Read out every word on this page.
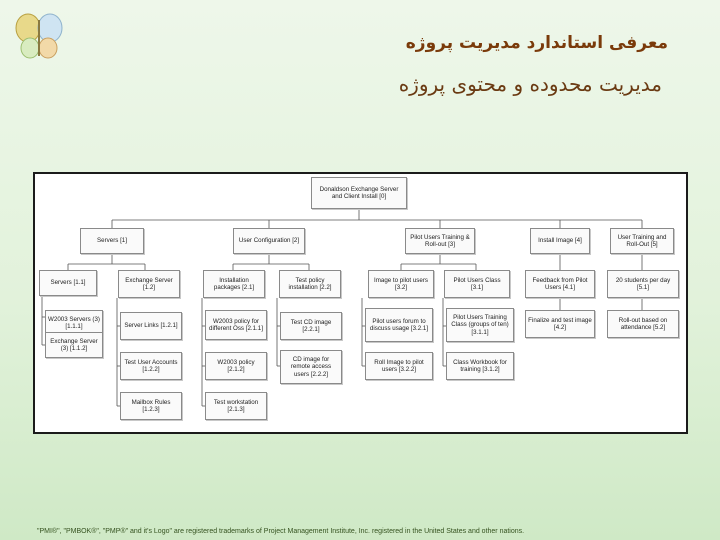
معرفی استاندارد مدیریت پروژه
مدیریت محدوده و محتوی پروژه
Donaldson Exchange Server and Client Install [0]
Servers [1]	User Configuration [2]
Pilot Users Training & Roll-out [3]
Install Image [4]
User Training and Roll-Out [5]
Servers [1.1]
W2003 Servers (3) [1.1.1]
Exchange Server (3) [1.1.2]
Exchange Server [1.2]
Server Links [1.2.1]
Test User Accounts [1.2.2]
Mailbox Rules [1.2.3]
Installation packages [2.1]
W2003 policy for different Oss [2.1.1]
W2003 policy [2.1.2]
Test workstation [2.1.3]
Test policy installation [2.2]
Test CD image [2.2.1]
CD image for remote access users [2.2.2]
Image to pilot users [3.2]
Pilot users forum to discuss usage [3.2.1]
Roll Image to pilot users [3.2.2]
Pilot Users Class [3.1]
Pilot Users Training Class (groups of ten) [3.1.1]
Class Workbook for training [3.1.2]
Feedback from Pilot Users [4.1]
Finalize and test image [4.2]
20 students per day [5.1]
Roll-out based on attendance [5.2]
"PMI®", "PMBOK®", "PMP®" and it's Logo" are registered trademarks of Project Management Institute, Inc. registered in the United States and other nations.
